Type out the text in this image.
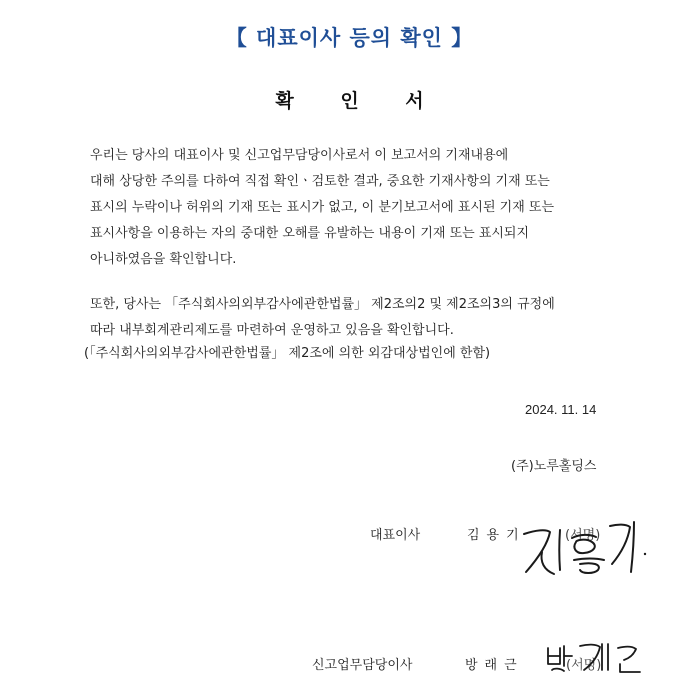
【 대표이사 등의 확인 】
확 인 서
우리는 당사의 대표이사 및 신고업무담당이사로서 이 보고서의 기재내용에
대해 상당한 주의를 다하여 직접 확인ㆍ검토한 결과, 중요한 기재사항의 기재 또는
표시의 누락이나 허위의 기재 또는 표시가 없고, 이 분기보고서에 표시된 기재 또는
표시사항을 이용하는 자의 중대한 오해를 유발하는 내용이 기재 또는 표시되지
아니하였음을 확인합니다.
또한, 당사는 「주식회사의외부감사에관한법률」 제2조의2 및 제2조의3의 규정에
따라 내부회계관리제도를 마련하여 운영하고 있음을 확인합니다.
(「주식회사의외부감사에관한법률」 제2조에 의한 외감대상법인에 한함)
2024. 11. 14
(주)노루홀딩스
대표이사	김용기	(서명)
신고업무담당이사	방래근	(서명)
